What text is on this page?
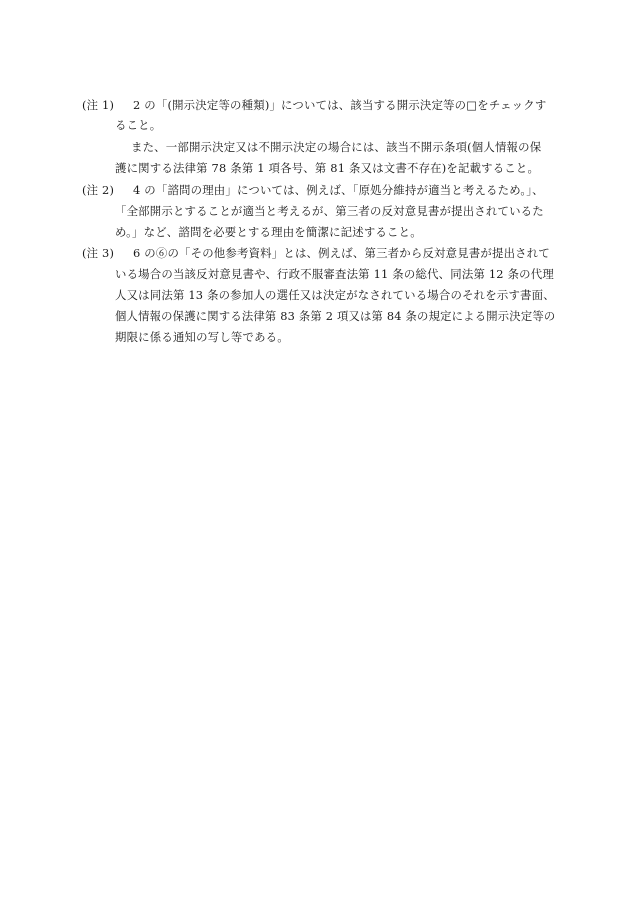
(注 1) 2 の「(開示決定等の種類)」については、該当する開示決定等の□をチェックす
ること。
また、一部開示決定又は不開示決定の場合には、該当不開示条項(個人情報の保
護に関する法律第 78 条第 1 項各号、第 81 条又は文書不存在)を記載すること。
(注 2) 4 の「諮問の理由」については、例えば、「原処分維持が適当と考えるため。」、
「全部開示とすることが適当と考えるが、第三者の反対意見書が提出されているた
め。」など、諮問を必要とする理由を簡潔に記述すること。
(注 3) 6 の⑥の「その他参考資料」とは、例えば、第三者から反対意見書が提出されて
いる場合の当該反対意見書や、行政不服審査法第 11 条の総代、同法第 12 条の代理
人又は同法第 13 条の参加人の選任又は決定がなされている場合のそれを示す書面、
個人情報の保護に関する法律第 83 条第 2 項又は第 84 条の規定による開示決定等の
期限に係る通知の写し等である。
